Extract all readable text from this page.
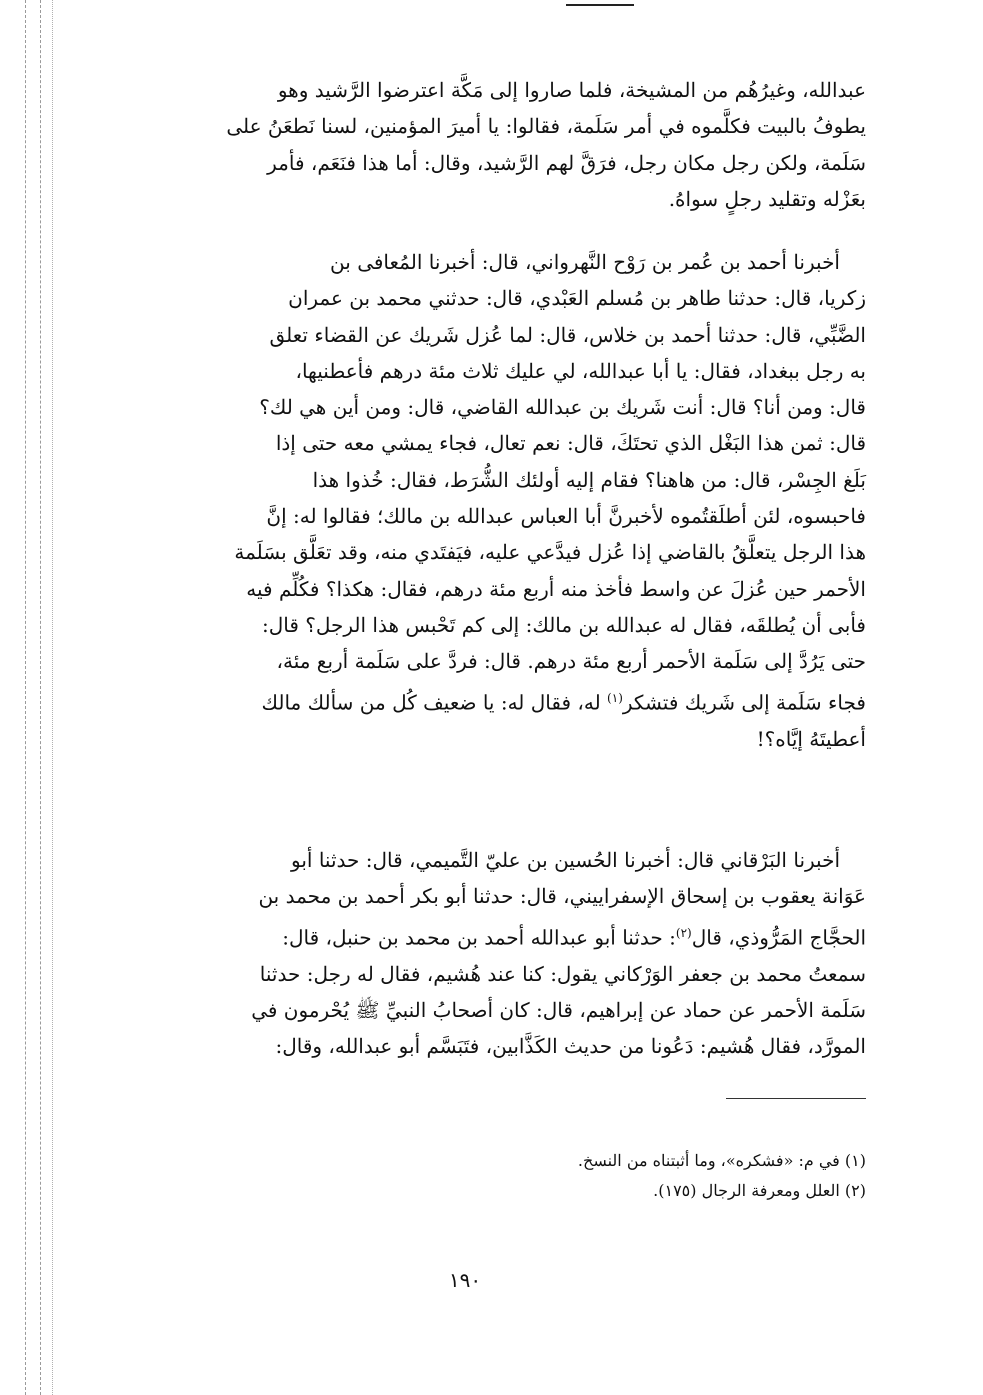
عبدالله، وغيرُهُم من المشيخة، فلما صاروا إلى مَكَّة اعترضوا الرَّشيد وهو

يطوفُ بالبيت فكلَّموه في أمر سَلَمة، فقالوا: يا أميرَ المؤمنين، لسنا نَطعَنُ على

سَلَمة، ولكن رجل مكان رجل، فرَقَّ لهم الرَّشيد، وقال: أما هذا فنَعَم، فأمر

بعَزْله وتقليد رجلٍ سواهُ.

أخبرنا أحمد بن عُمر بن رَوْح النَّهرواني، قال: أخبرنا المُعافى بن

زكريا، قال: حدثنا طاهر بن مُسلم العَبْدي، قال: حدثني محمد بن عمران

الضَّبِّي، قال: حدثنا أحمد بن خلاس، قال: لما عُزل شَريك عن القضاء تعلق

به رجل ببغداد، فقال: يا أبا عبدالله، لي عليك ثلاث مئة درهم فأعطنيها،

قال: ومن أنا؟ قال: أنت شَريك بن عبدالله القاضي، قال: ومن أين هي لك؟

قال: ثمن هذا البَغْل الذي تحتَكَ، قال: نعم تعال، فجاء يمشي معه حتى إذا

بَلَغ الجِسْر، قال: من هاهنا؟ فقام إليه أولئك الشُّرَط، فقال: خُذوا هذا

فاحبسوه، لئن أطلَقتُموه لأخبرنَّ أبا العباس عبدالله بن مالك؛ فقالوا له: إنَّ

هذا الرجل يتعلَّقُ بالقاضي إذا عُزل فيدَّعي عليه، فيَفتَدي منه، وقد تعَلَّق بسَلَمة

الأحمر حين عُزلَ عن واسط فأخذ منه أربع مئة درهم، فقال: هكذا؟ فكُلِّم فيه

فأبى أن يُطلقَه، فقال له عبدالله بن مالك: إلى كم تَحْبس هذا الرجل؟ قال:

حتى يَرُدَّ إلى سَلَمة الأحمر أربع مئة درهم. قال: فردَّ على سَلَمة أربع مئة،

فجاء سَلَمة إلى شَريك فتشكر$^{(١)}$ له، فقال له: يا ضعيف كُل من سألك مالك

أعطيتَهُ إيَّاه؟!

أخبرنا البَرْقاني قال: أخبرنا الحُسين بن عليّ التَّميمي، قال: حدثنا أبو

عَوَانة يعقوب بن إسحاق الإسفراييني، قال: حدثنا أبو بكر أحمد بن محمد بن

الحجَّاج المَرُّوذي، قال$^{(٢)}$: حدثنا أبو عبدالله أحمد بن محمد بن حنبل، قال:

سمعتُ محمد بن جعفر الوَرْكاني يقول: كنا عند هُشيم، فقال له رجل: حدثنا

سَلَمة الأحمر عن حماد عن إبراهيم، قال: كان أصحابُ النبيِّ ﷺ يُحْرمون في

المورَّد، فقال هُشيم: دَعُونا من حديث الكَذَّابين، فتَبَسَّم أبو عبدالله، وقال:

(١) في م: «فشكره»، وما أثبتناه من النسخ.

(٢) العلل ومعرفة الرجال (١٧٥).

١٩٠
